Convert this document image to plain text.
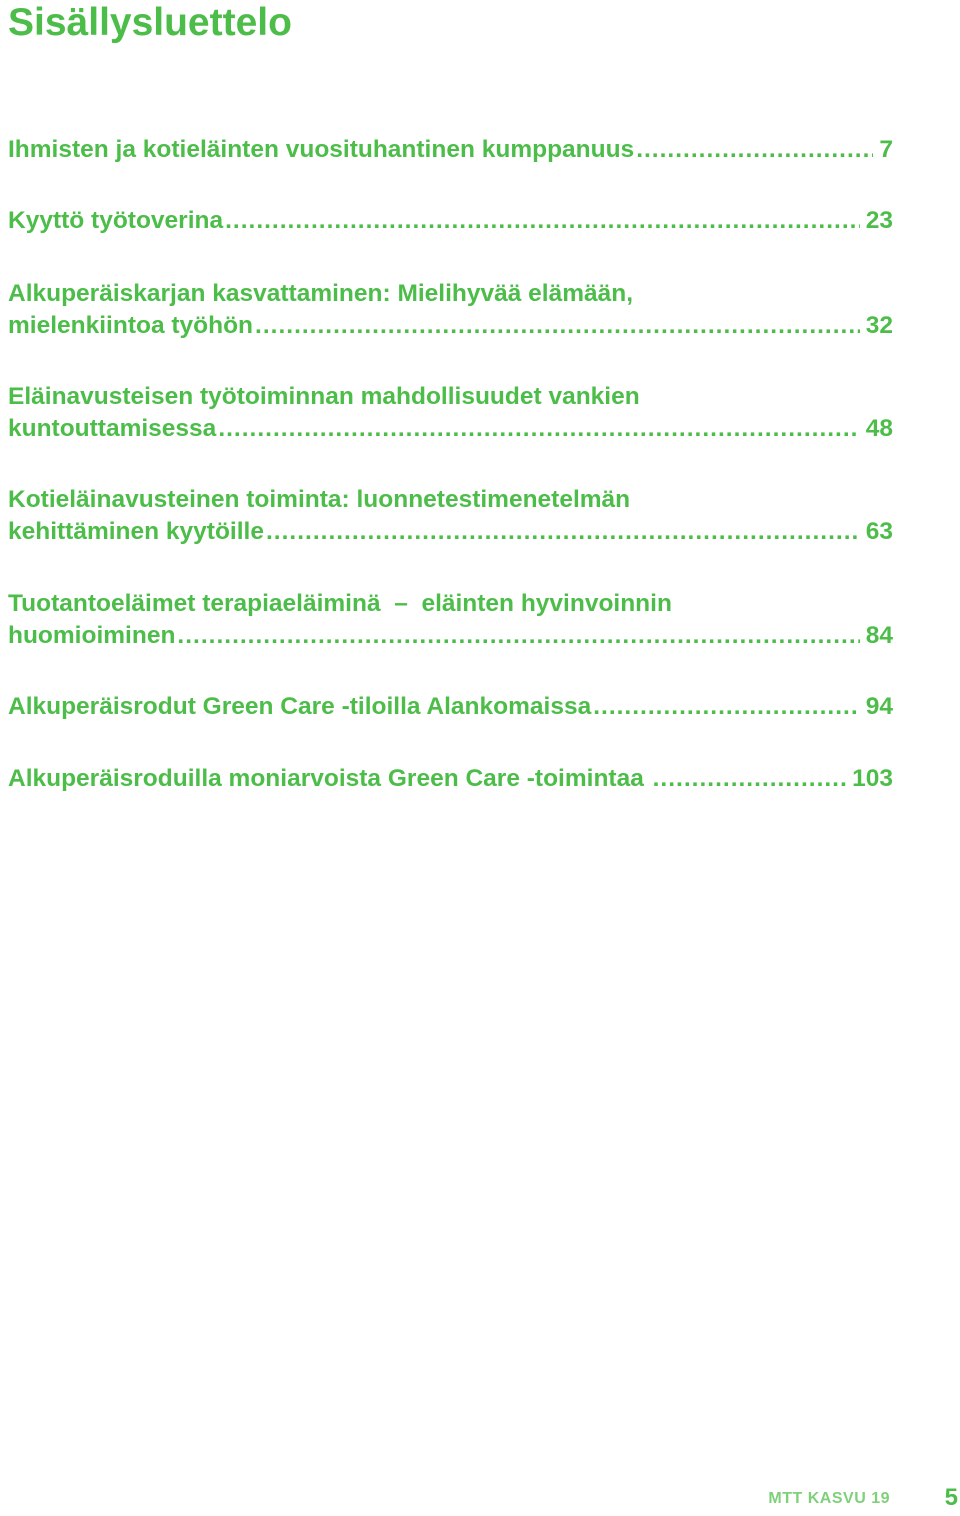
Sisällysluettelo
Ihmisten ja kotieläinten vuosituhantinen kumppanuus .....	7
Kyyttö työtoverina .....	23
Alkuperäiskarjan kasvattaminen: Mielihyvää elämään,
mielenkiintoa työhön .....	32
Eläinavusteisen työtoiminnan mahdollisuudet vankien
kuntouttamisessa .....	48
Kotieläinavusteinen toiminta: luonnetestimenetelmän
kehittäminen kyytöille .....	63
Tuotantoeläimet terapiaeläiminä  –  eläinten hyvinvoinnin
huomioiminen .....	84
Alkuperäisrodut Green Care -tiloilla Alankomaissa .....	94
Alkuperäisroduilla moniarvoista Green Care -toimintaa .....	103
MTT KASVU 19 5
